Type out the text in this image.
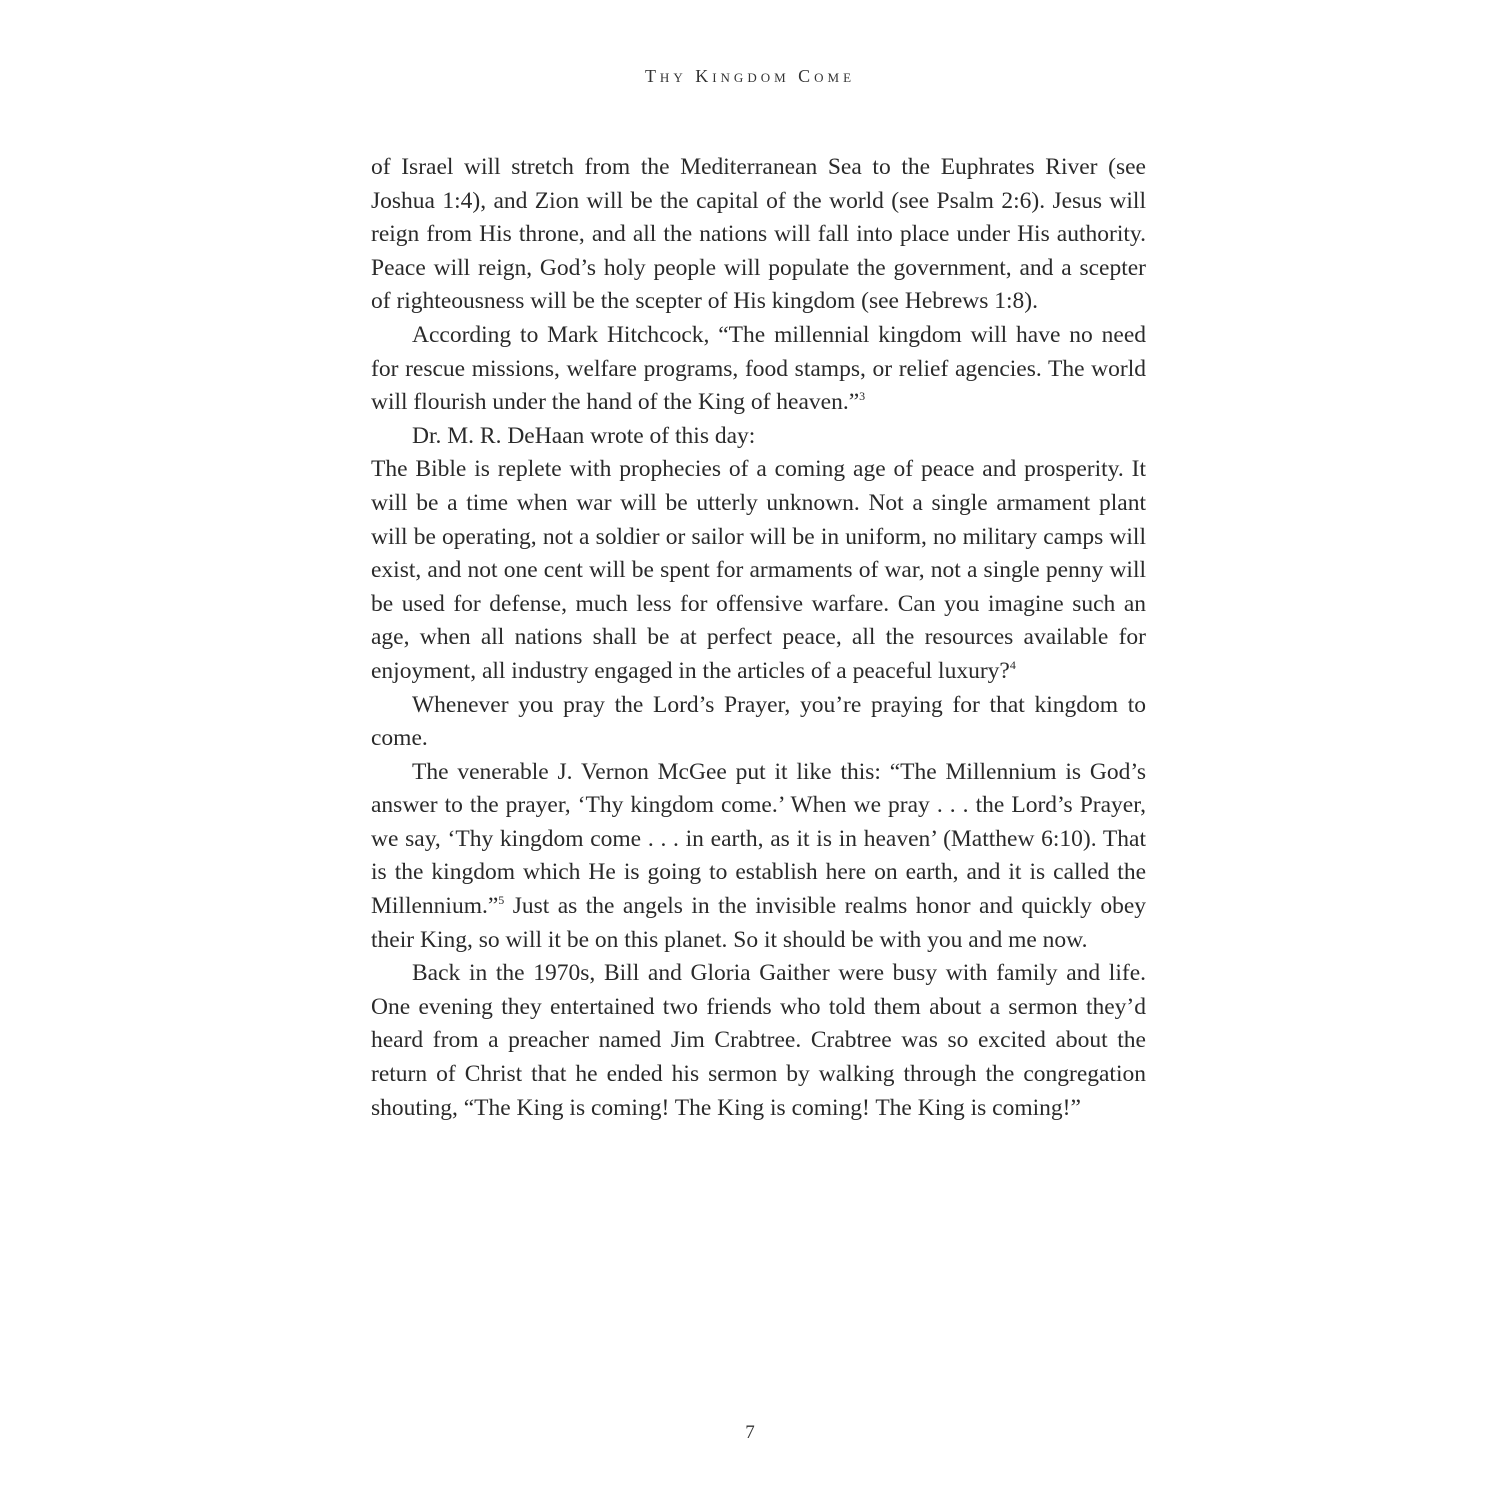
Thy Kingdom Come

of Israel will stretch from the Mediterranean Sea to the Euphrates River (see Joshua 1:4), and Zion will be the capital of the world (see Psalm 2:6). Jesus will reign from His throne, and all the nations will fall into place under His authority. Peace will reign, God’s holy people will populate the government, and a scepter of righteousness will be the scepter of His kingdom (see Hebrews 1:8).

According to Mark Hitchcock, “The millennial kingdom will have no need for rescue missions, welfare programs, food stamps, or relief agencies. The world will flourish under the hand of the King of heaven.”$^3$

Dr. M. R. DeHaan wrote of this day:

The Bible is replete with prophecies of a coming age of peace and prosperity. It will be a time when war will be utterly unknown. Not a single armament plant will be operating, not a soldier or sailor will be in uniform, no military camps will exist, and not one cent will be spent for armaments of war, not a single penny will be used for defense, much less for offensive warfare. Can you imagine such an age, when all nations shall be at perfect peace, all the resources available for enjoyment, all industry engaged in the articles of a peaceful luxury?$^4$

Whenever you pray the Lord’s Prayer, you’re praying for that kingdom to come.

The venerable J. Vernon McGee put it like this: “The Millennium is God’s answer to the prayer, ‘Thy kingdom come.’ When we pray . . . the Lord’s Prayer, we say, ‘Thy kingdom come . . . in earth, as it is in heaven’ (Matthew 6:10). That is the kingdom which He is going to establish here on earth, and it is called the Millennium.”$^5$ Just as the angels in the invisible realms honor and quickly obey their King, so will it be on this planet. So it should be with you and me now.

Back in the 1970s, Bill and Gloria Gaither were busy with family and life. One evening they entertained two friends who told them about a sermon they’d heard from a preacher named Jim Crabtree. Crabtree was so excited about the return of Christ that he ended his sermon by walking through the congregation shouting, “The King is coming! The King is coming! The King is coming!”

7
